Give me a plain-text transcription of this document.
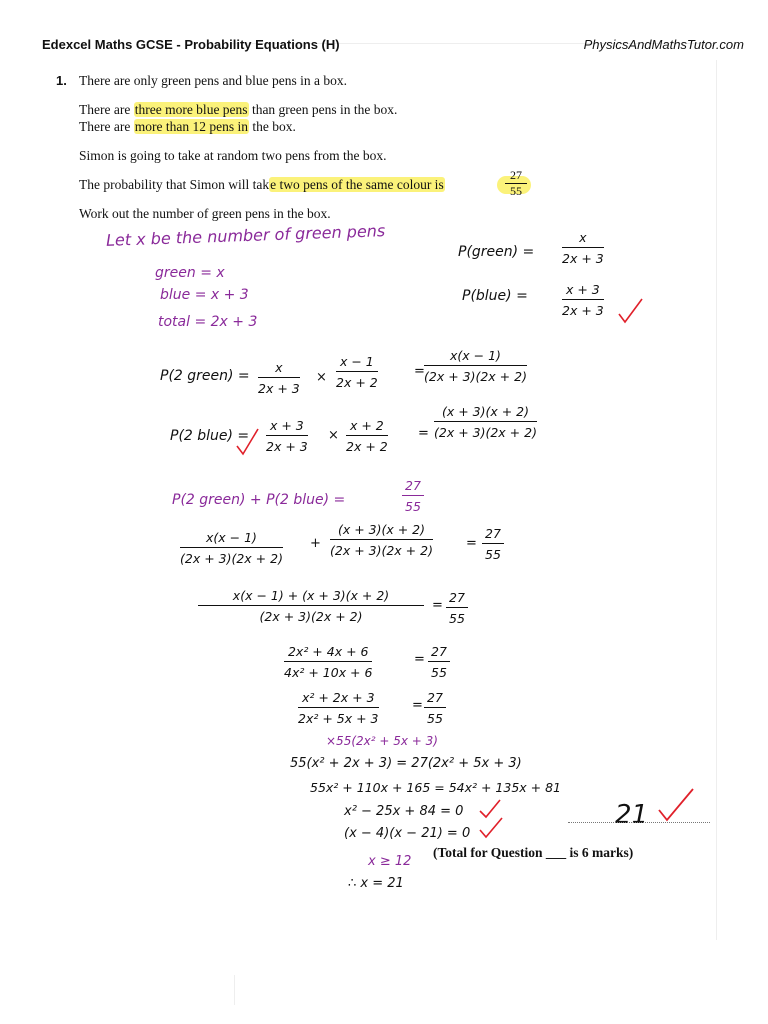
Edexcel Maths GCSE - Probability Equations (H)	PhysicsAndMathsTutor.com
1. There are only green pens and blue pens in a box.
There are three more blue pens than green pens in the box.
There are more than 12 pens in the box.
Simon is going to take at random two pens from the box.
The probability that Simon will take two pens of the same colour is	$\frac{27}{55}$
Work out the number of green pens in the box.
Let x be the number of green pens
green = x
blue = x + 3
total = 2x + 3
P(green) =
x
2x + 3
P(blue) =	x + 3
2x + 3
P(2 green) =
x
2x + 3
×
x − 1
2x + 2
=
x(x − 1)
(2x + 3)(2x + 2)
P(2 blue) =
x + 3
2x + 3
×
x + 2
2x + 2
=
(x + 3)(x + 2)
(2x + 3)(2x + 2)
P(2 green) + P(2 blue) =
27
55
x(x − 1)
(2x + 3)(2x + 2)
+
(x + 3)(x + 2)
(2x + 3)(2x + 2)	=
27
55
x(x − 1) + (x + 3)(x + 2)
(2x + 3)(2x + 2)
=
27
55
2x² + 4x + 6
4x² + 10x + 6
=
27
55
x² + 2x + 3
2x² + 5x + 3
=
27
55
×55(2x² + 5x + 3)
55(x² + 2x + 3) = 27(2x² + 5x + 3)
55x² + 110x + 165 = 54x² + 135x + 81
x² − 25x + 84 = 0
(x − 4)(x − 21) = 0
x ≥ 12
∴ x = 21
21
(Total for Question ___ is 6 marks)
